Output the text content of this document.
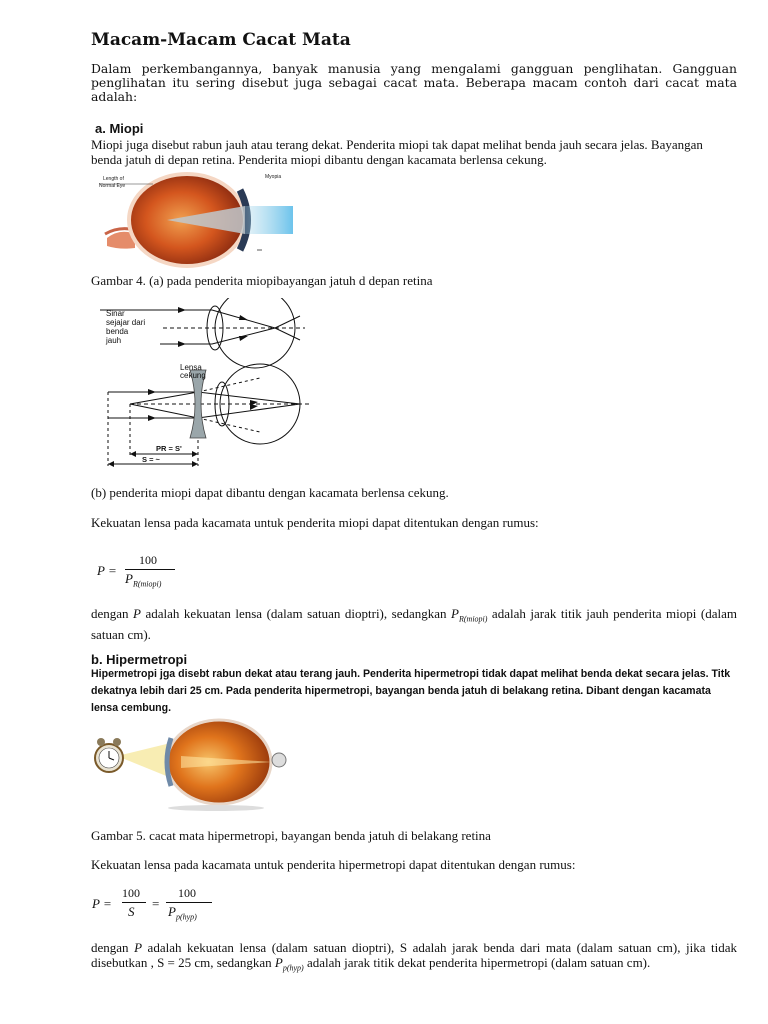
Macam-Macam Cacat Mata
Dalam perkembangannya, banyak manusia yang mengalami gangguan penglihatan. Gangguan penglihatan itu sering disebut juga sebagai cacat mata. Beberapa macam contoh dari cacat mata adalah:
a. Miopi
Miopi juga disebut rabun jauh atau terang dekat. Penderita miopi tak dapat melihat benda jauh secara jelas. Bayangan benda jatuh di depan retina. Penderita miopi dibantu dengan kacamata berlensa cekung.
Length of
Normal Eye
Myopia
Gambar 4. (a) pada penderita miopibayangan jatuh d depan retina
Sinar
sejajar dari
benda
jauh
Lensa
cekung
PR = S'
S = ~
(b) penderita miopi dapat dibantu dengan kacamata berlensa cekung.
Kekuatan lensa pada kacamata untuk penderita miopi dapat ditentukan dengan rumus:
P =
100
$P_{R(miopi)}$
dengan P adalah kekuatan lensa (dalam satuan dioptri), sedangkan $P_{R(miopi)}$ adalah jarak titik jauh penderita miopi (dalam satuan cm).
b. Hipermetropi
Hipermetropi jga disebt rabun dekat atau terang jauh. Penderita hipermetropi tidak dapat melihat benda dekat secara jelas. Titk dekatnya lebih dari 25 cm. Pada penderita hipermetropi, bayangan benda jatuh di belakang retina. Dibant dengan kacamata lensa cembung.
Gambar 5. cacat mata hipermetropi, bayangan benda jatuh di belakang retina
Kekuatan lensa pada kacamata untuk penderita hipermetropi dapat ditentukan dengan rumus:
P =
100
S
=
100
$P_{p(hyp)}$
dengan P adalah kekuatan lensa (dalam satuan dioptri), S adalah jarak benda dari mata (dalam satuan cm), jika tidak disebutkan , S = 25 cm, sedangkan $P_{p(hyp)}$ adalah jarak titik dekat penderita hipermetropi (dalam satuan cm).
